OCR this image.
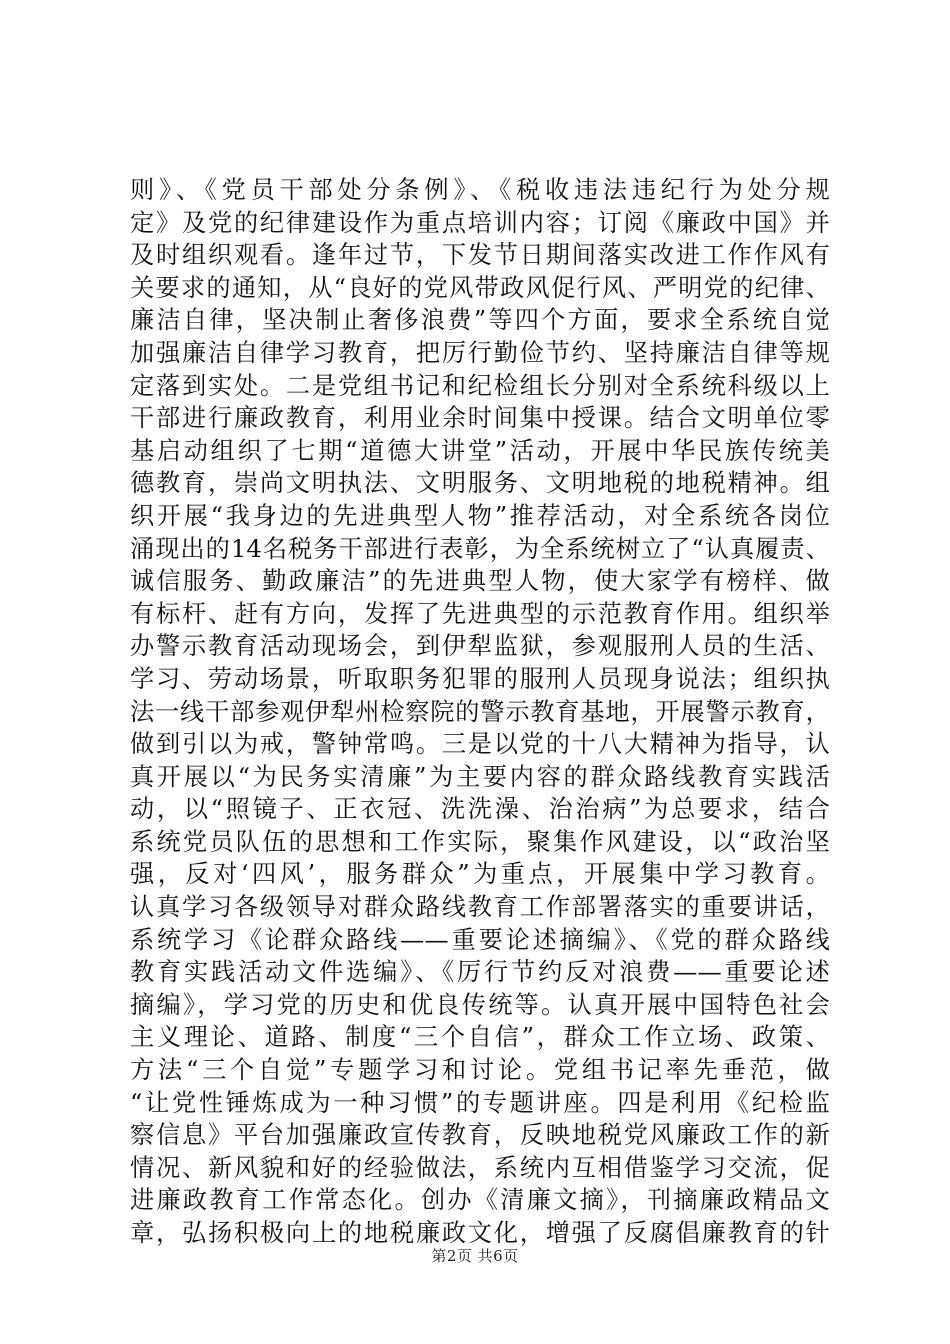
则》、《党员干部处分条例》、《税收违法违纪行为处分规
定》及党的纪律建设作为重点培训内容；订阅《廉政中国》并
及时组织观看。逢年过节，下发节日期间落实改进工作作风有
关要求的通知，从“良好的党风带政风促行风、严明党的纪律、
廉洁自律，坚决制止奢侈浪费”等四个方面，要求全系统自觉
加强廉洁自律学习教育，把厉行勤俭节约、坚持廉洁自律等规
定落到实处。二是党组书记和纪检组长分别对全系统科级以上
干部进行廉政教育，利用业余时间集中授课。结合文明单位零
基启动组织了七期“道德大讲堂”活动，开展中华民族传统美
德教育，崇尚文明执法、文明服务、文明地税的地税精神。组
织开展“我身边的先进典型人物”推荐活动，对全系统各岗位
涌现出的14名税务干部进行表彰，为全系统树立了“认真履责、
诚信服务、勤政廉洁”的先进典型人物，使大家学有榜样、做
有标杆、赶有方向，发挥了先进典型的示范教育作用。组织举
办警示教育活动现场会，到伊犁监狱，参观服刑人员的生活、
学习、劳动场景，听取职务犯罪的服刑人员现身说法；组织执
法一线干部参观伊犁州检察院的警示教育基地，开展警示教育，
做到引以为戒，警钟常鸣。三是以党的十八大精神为指导，认
真开展以“为民务实清廉”为主要内容的群众路线教育实践活
动，以“照镜子、正衣冠、洗洗澡、治治病”为总要求，结合
系统党员队伍的思想和工作实际，聚集作风建设，以“政治坚
强，反对‘四风’，服务群众”为重点，开展集中学习教育。
认真学习各级领导对群众路线教育工作部署落实的重要讲话，
系统学习《论群众路线——重要论述摘编》、《党的群众路线
教育实践活动文件选编》、《厉行节约反对浪费——重要论述
摘编》，学习党的历史和优良传统等。认真开展中国特色社会
主义理论、道路、制度“三个自信”，群众工作立场、政策、
方法“三个自觉”专题学习和讨论。党组书记率先垂范，做
“让党性锤炼成为一种习惯”的专题讲座。四是利用《纪检监
察信息》平台加强廉政宣传教育，反映地税党风廉政工作的新
情况、新风貌和好的经验做法，系统内互相借鉴学习交流，促
进廉政教育工作常态化。创办《清廉文摘》，刊摘廉政精品文
章，弘扬积极向上的地税廉政文化，增强了反腐倡廉教育的针
第2页 共6页
